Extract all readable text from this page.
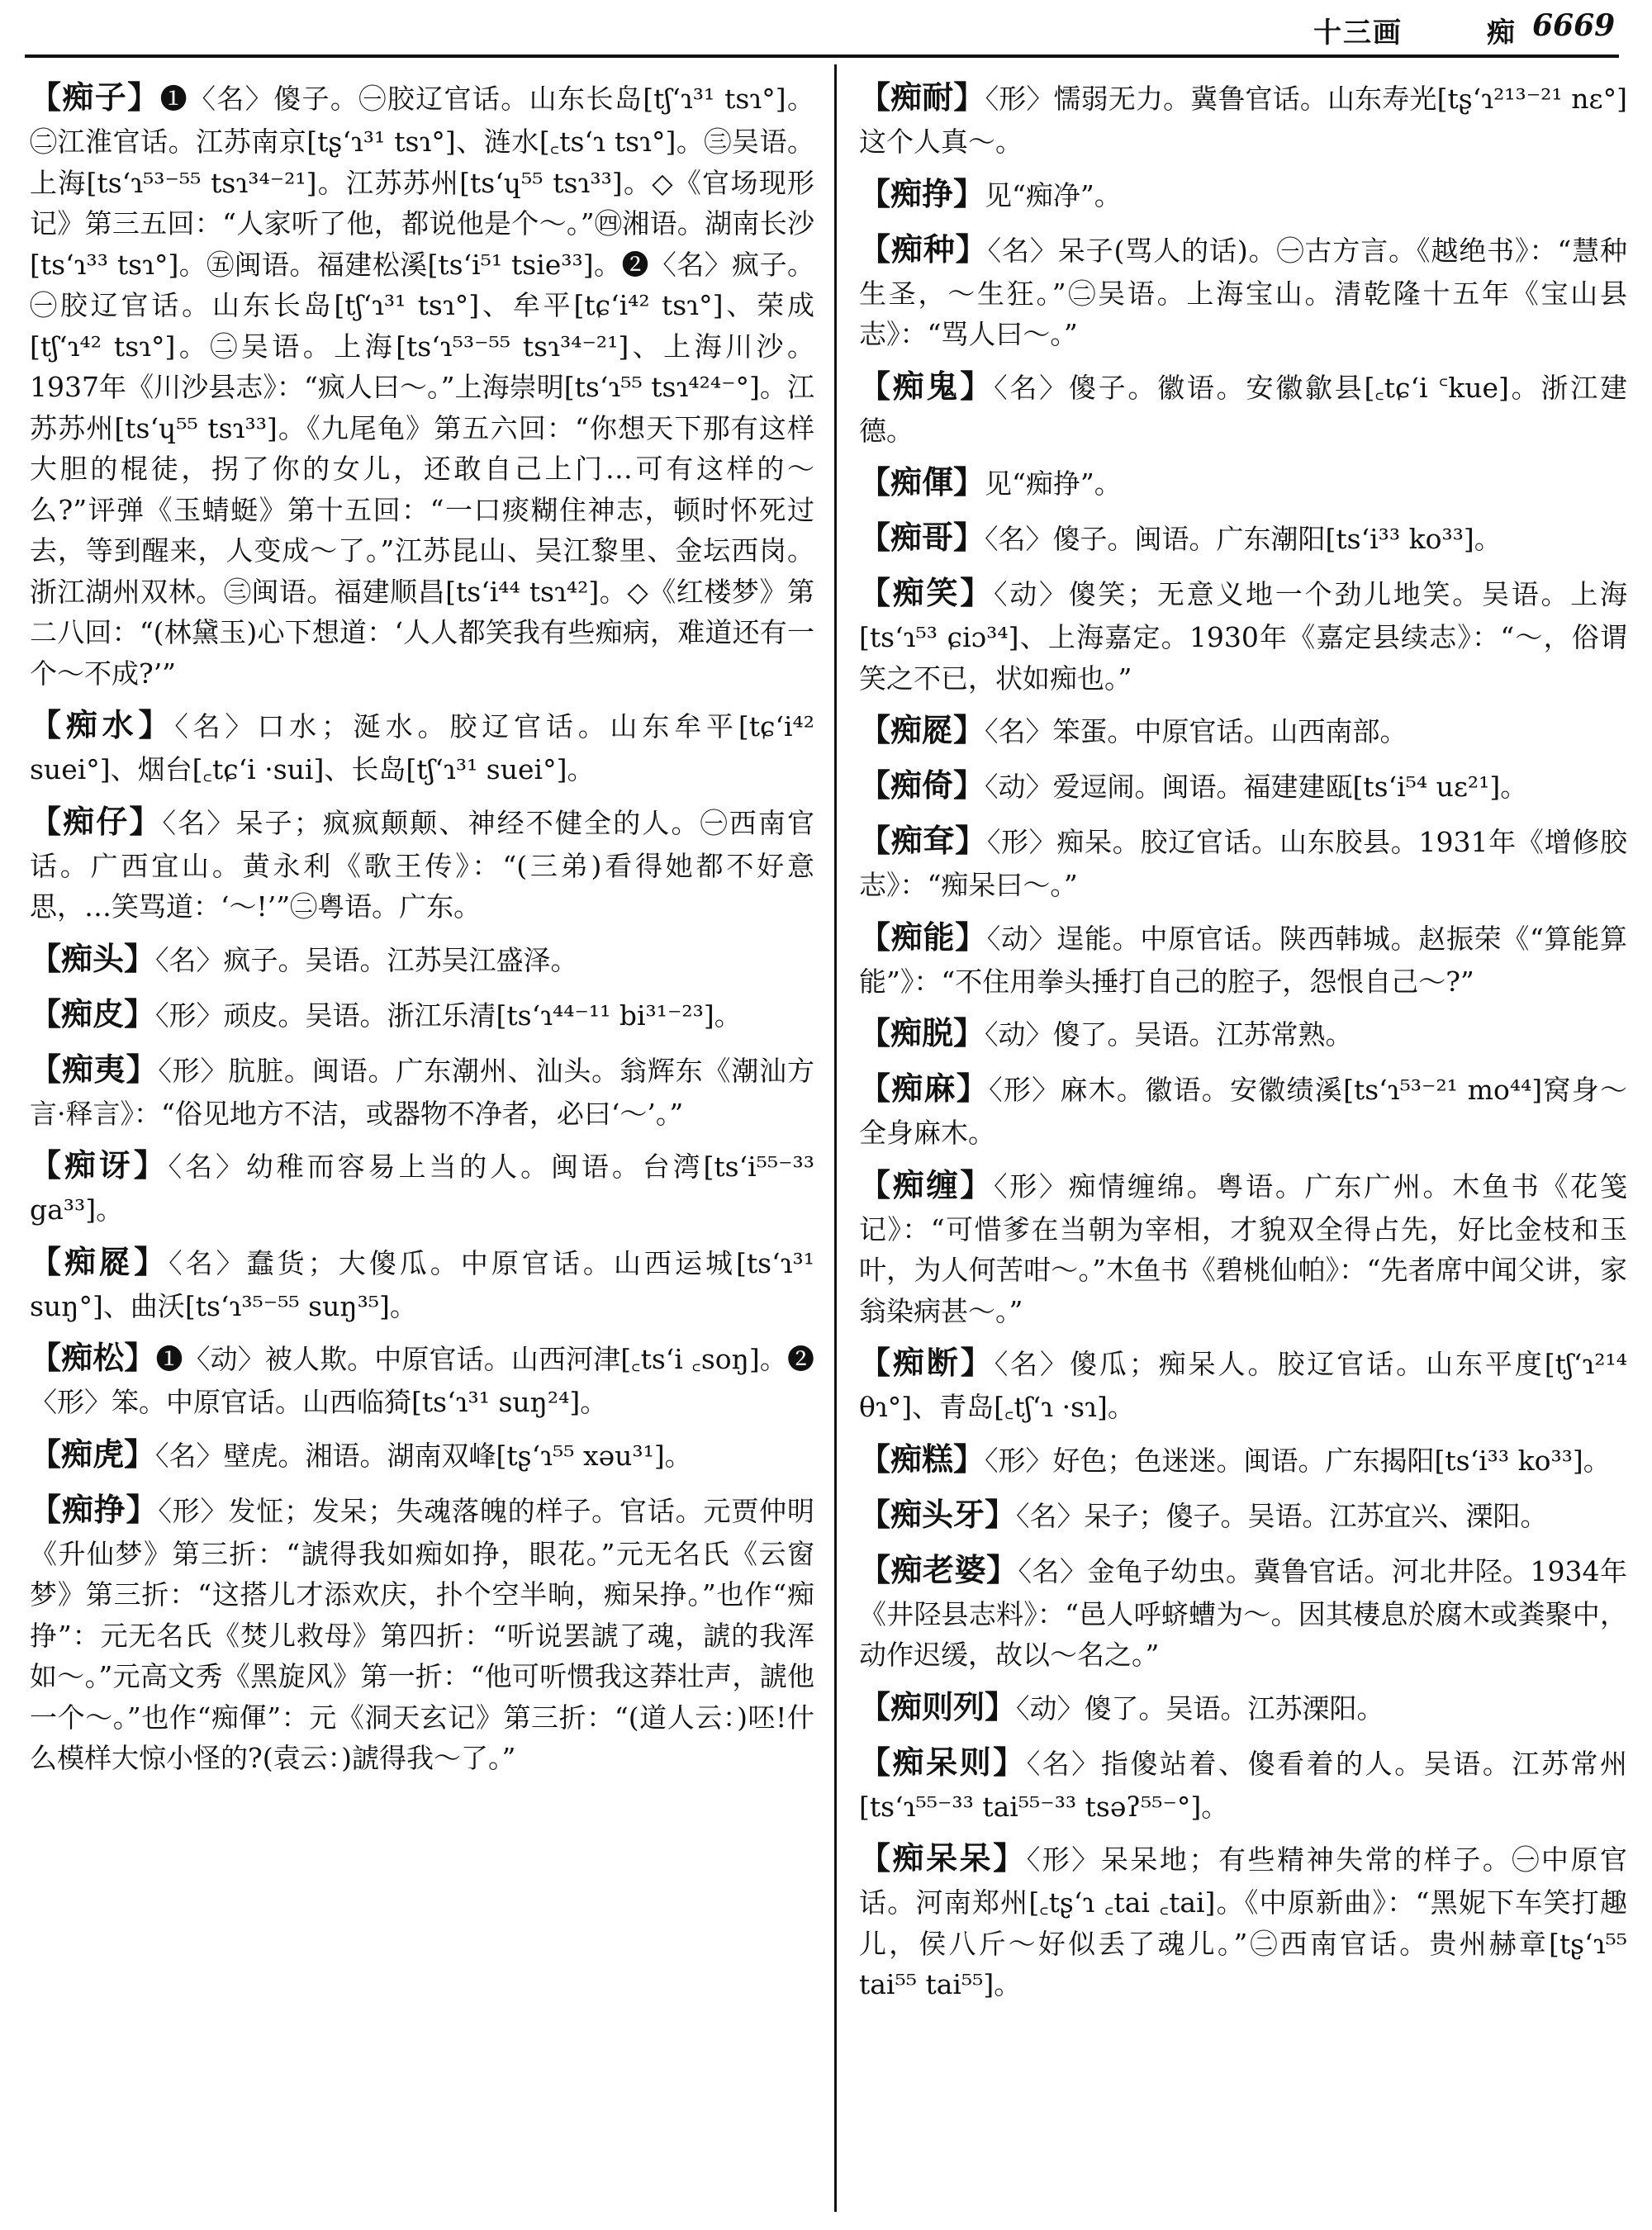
十三画	痴 6669
【痴子】❶〈名〉傻子。㊀胶辽官话。山东长岛[tʃʻɿ³¹ tsɿ°]。㊁江淮官话。江苏南京[tʂʻɿ³¹ tsɿ°]、涟水[꜀tsʻɿ tsɿ°]。㊂吴语。上海[tsʻɿ⁵³⁻⁵⁵ tsɿ³⁴⁻²¹]。江苏苏州[tsʻɥ⁵⁵ tsɿ³³]。◇《官场现形记》第三五回：“人家听了他，都说他是个～。”㊃湘语。湖南长沙[tsʻɿ³³ tsɿ°]。㊄闽语。福建松溪[tsʻi⁵¹ tsie³³]。❷〈名〉疯子。㊀胶辽官话。山东长岛[tʃʻɿ³¹ tsɿ°]、牟平[tɕʻi⁴² tsɿ°]、荣成[tʃʻɿ⁴² tsɿ°]。㊁吴语。上海[tsʻɿ⁵³⁻⁵⁵ tsɿ³⁴⁻²¹]、上海川沙。1937年《川沙县志》：“疯人曰～。”上海崇明[tsʻɿ⁵⁵ tsɿ⁴²⁴⁻°]。江苏苏州[tsʻɥ⁵⁵ tsɿ³³]。《九尾龟》第五六回：“你想天下那有这样大胆的棍徒，拐了你的女儿，还敢自己上门…可有这样的～么?”评弹《玉蜻蜓》第十五回：“一口痰糊住神志，顿时怀死过去，等到醒来，人变成～了。”江苏昆山、吴江黎里、金坛西岗。浙江湖州双林。㊂闽语。福建顺昌[tsʻi⁴⁴ tsɿ⁴²]。◇《红楼梦》第二八回：“(林黛玉)心下想道：‘人人都笑我有些痴病，难道还有一个～不成?’”
【痴水】〈名〉口水；涎水。胶辽官话。山东牟平[tɕʻi⁴² suei°]、烟台[꜀tɕʻi ·sui]、长岛[tʃʻɿ³¹ suei°]。
【痴仔】〈名〉呆子；疯疯颠颠、神经不健全的人。㊀西南官话。广西宜山。黄永利《歌王传》：“(三弟)看得她都不好意思，…笑骂道：‘～!’”㊁粤语。广东。
【痴头】〈名〉疯子。吴语。江苏吴江盛泽。
【痴皮】〈形〉顽皮。吴语。浙江乐清[tsʻɿ⁴⁴⁻¹¹ bi³¹⁻²³]。
【痴夷】〈形〉肮脏。闽语。广东潮州、汕头。翁辉东《潮汕方言·释言》：“俗见地方不洁，或器物不净者，必曰‘～’。”
【痴讶】〈名〉幼稚而容易上当的人。闽语。台湾[tsʻi⁵⁵⁻³³ ga³³]。
【痴㞞】〈名〉蠢货；大傻瓜。中原官话。山西运城[tsʻɿ³¹ suŋ°]、曲沃[tsʻɿ³⁵⁻⁵⁵ suŋ³⁵]。
【痴松】❶〈动〉被人欺。中原官话。山西河津[꜀tsʻi ꜀soŋ]。❷〈形〉笨。中原官话。山西临猗[tsʻɿ³¹ suŋ²⁴]。
【痴虎】〈名〉壁虎。湘语。湖南双峰[tʂʻɿ⁵⁵ xəu³¹]。
【痴挣】〈形〉发怔；发呆；失魂落魄的样子。官话。元贾仲明《升仙梦》第三折：“諕得我如痴如挣，眼花。”元无名氏《云窗梦》第三折：“这搭儿才添欢庆，扑个空半晌，痴呆挣。”也作“痴挣”：元无名氏《焚儿救母》第四折：“听说罢諕了魂，諕的我浑如～。”元高文秀《黑旋风》第一折：“他可听惯我这莽壮声，諕他一个～。”也作“痴㑮”：元《洞天玄记》第三折：“(道人云：)呸!什么模样大惊小怪的?(袁云：)諕得我～了。”
【痴耐】〈形〉懦弱无力。冀鲁官话。山东寿光[tʂʻɿ²¹³⁻²¹ nɛ°]这个人真～。
【痴挣】见“痴净”。
【痴种】〈名〉呆子(骂人的话)。㊀古方言。《越绝书》：“慧种生圣，～生狂。”㊁吴语。上海宝山。清乾隆十五年《宝山县志》：“骂人曰～。”
【痴鬼】〈名〉傻子。徽语。安徽歙县[꜀tɕʻi ꜂kue]。浙江建德。
【痴㑮】见“痴挣”。
【痴哥】〈名〉傻子。闽语。广东潮阳[tsʻi³³ ko³³]。
【痴笑】〈动〉傻笑；无意义地一个劲儿地笑。吴语。上海[tsʻɿ⁵³ ɕiɔ³⁴]、上海嘉定。1930年《嘉定县续志》：“～，俗谓笑之不已，状如痴也。”
【痴㞞】〈名〉笨蛋。中原官话。山西南部。
【痴倚】〈动〉爱逗闹。闽语。福建建瓯[tsʻi⁵⁴ uɛ²¹]。
【痴耷】〈形〉痴呆。胶辽官话。山东胶县。1931年《增修胶志》：“痴呆曰～。”
【痴能】〈动〉逞能。中原官话。陕西韩城。赵振荣《“算能算能”》：“不住用拳头捶打自己的腔子，怨恨自己～?”
【痴脱】〈动〉傻了。吴语。江苏常熟。
【痴麻】〈形〉麻木。徽语。安徽绩溪[tsʻɿ⁵³⁻²¹ mo⁴⁴]窝身～全身麻木。
【痴缠】〈形〉痴情缠绵。粤语。广东广州。木鱼书《花笺记》：“可惜爹在当朝为宰相，才貌双全得占先，好比金枝和玉叶，为人何苦咁～。”木鱼书《碧桃仙帕》：“先者席中闻父讲，家翁染病甚～。”
【痴断】〈名〉傻瓜；痴呆人。胶辽官话。山东平度[tʃʻɿ²¹⁴ θɿ°]、青岛[꜀tʃʻɿ ·sɿ]。
【痴糕】〈形〉好色；色迷迷。闽语。广东揭阳[tsʻi³³ ko³³]。
【痴头牙】〈名〉呆子；傻子。吴语。江苏宜兴、溧阳。
【痴老婆】〈名〉金龟子幼虫。冀鲁官话。河北井陉。1934年《井陉县志料》：“邑人呼蛴螬为～。因其棲息於腐木或粪聚中，动作迟缓，故以～名之。”
【痴则列】〈动〉傻了。吴语。江苏溧阳。
【痴呆则】〈名〉指傻站着、傻看着的人。吴语。江苏常州[tsʻɿ⁵⁵⁻³³ tai⁵⁵⁻³³ tsəʔ⁵⁵⁻°]。
【痴呆呆】〈形〉呆呆地；有些精神失常的样子。㊀中原官话。河南郑州[꜀tʂʻɿ ꜀tai ꜀tai]。《中原新曲》：“黑妮下车笑打趣儿，侯八斤～好似丢了魂儿。”㊁西南官话。贵州赫章[tʂʻɿ⁵⁵ tai⁵⁵ tai⁵⁵]。
